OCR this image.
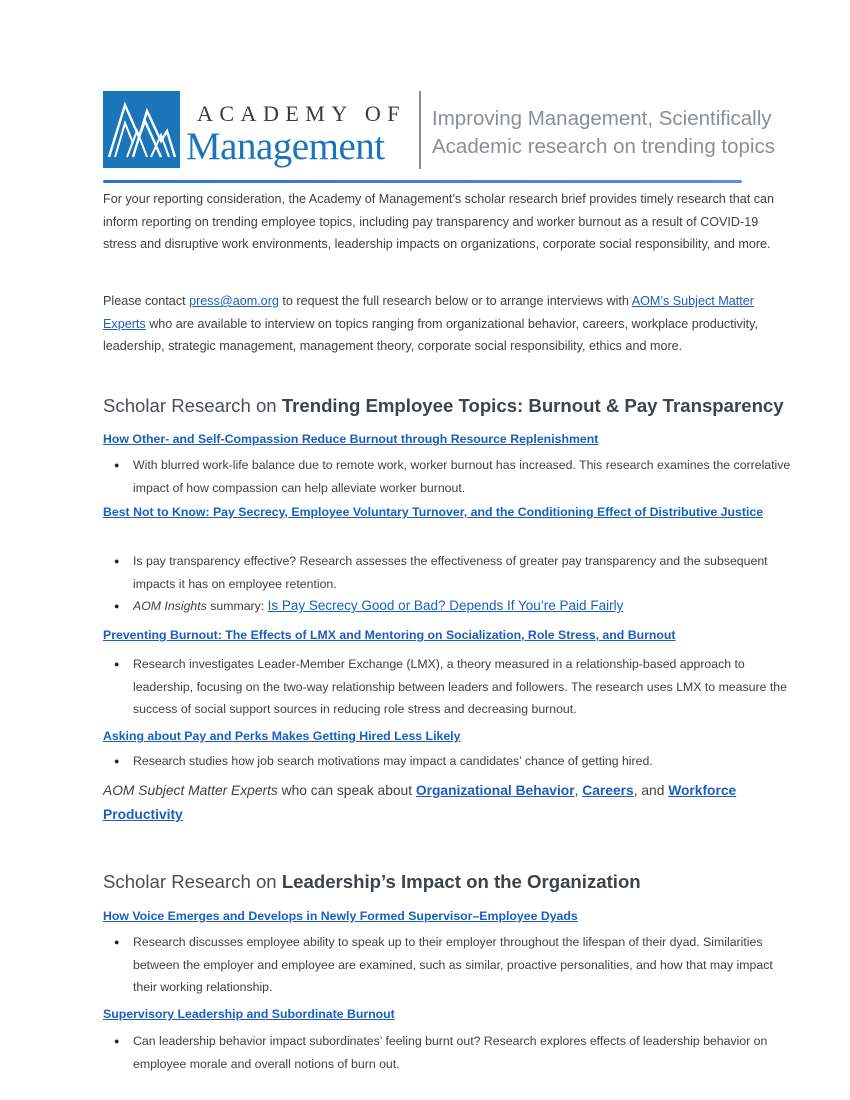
ACADEMY OF
Management
Improving Management, Scientifically
Academic research on trending topics

For your reporting consideration, the Academy of Management’s scholar research brief provides timely research that can inform reporting on trending employee topics, including pay transparency and worker burnout as a result of COVID-19 stress and disruptive work environments, leadership impacts on organizations, corporate social responsibility, and more.

Please contact press@aom.org to request the full research below or to arrange interviews with AOM’s Subject Matter Experts who are available to interview on topics ranging from organizational behavior, careers, workplace productivity, leadership, strategic management, management theory, corporate social responsibility, ethics and more.

Scholar Research on Trending Employee Topics: Burnout & Pay Transparency
How Other- and Self-Compassion Reduce Burnout through Resource Replenishment

● With blurred work-life balance due to remote work, worker burnout has increased. This research examines the correlative impact of how compassion can help alleviate worker burnout.

Best Not to Know: Pay Secrecy, Employee Voluntary Turnover, and the Conditioning Effect of Distributive Justice

● Is pay transparency effective? Research assesses the effectiveness of greater pay transparency and the subsequent impacts it has on employee retention.

● AOM Insights summary: Is Pay Secrecy Good or Bad? Depends If You’re Paid Fairly

Preventing Burnout: The Effects of LMX and Mentoring on Socialization, Role Stress, and Burnout

● Research investigates Leader-Member Exchange (LMX), a theory measured in a relationship-based approach to leadership, focusing on the two-way relationship between leaders and followers. The research uses LMX to measure the success of social support sources in reducing role stress and decreasing burnout.

Asking about Pay and Perks Makes Getting Hired Less Likely

● Research studies how job search motivations may impact a candidates’ chance of getting hired.

AOM Subject Matter Experts who can speak about Organizational Behavior, Careers, and Workforce Productivity

Scholar Research on Leadership’s Impact on the Organization
How Voice Emerges and Develops in Newly Formed Supervisor–Employee Dyads

● Research discusses employee ability to speak up to their employer throughout the lifespan of their dyad. Similarities between the employer and employee are examined, such as similar, proactive personalities, and how that may impact their working relationship.

Supervisory Leadership and Subordinate Burnout

● Can leadership behavior impact subordinates’ feeling burnt out? Research explores effects of leadership behavior on employee morale and overall notions of burn out.
